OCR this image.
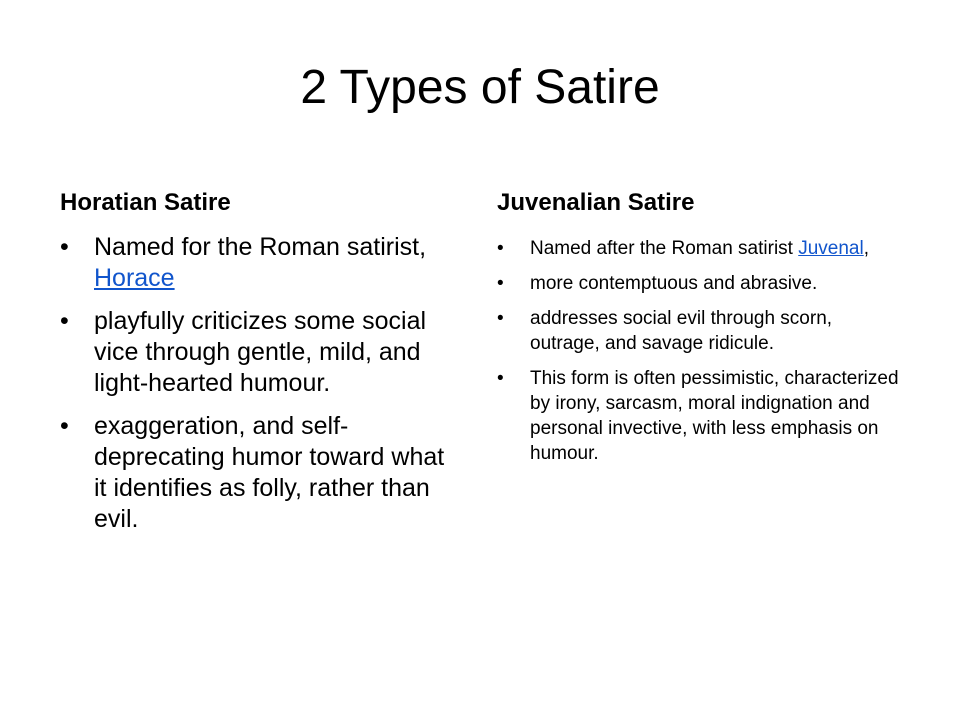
2 Types of Satire
Horatian Satire
• Named for the Roman satirist, Horace
• playfully criticizes some social vice through gentle, mild, and light-hearted humour.
• exaggeration, and self-deprecating humor toward what it identifies as folly, rather than evil.
Juvenalian Satire
• Named after the Roman satirist Juvenal,
• more contemptuous and abrasive.
• addresses social evil through scorn, outrage, and savage ridicule.
• This form is often pessimistic, characterized by irony, sarcasm, moral indignation and personal invective, with less emphasis on humour.
